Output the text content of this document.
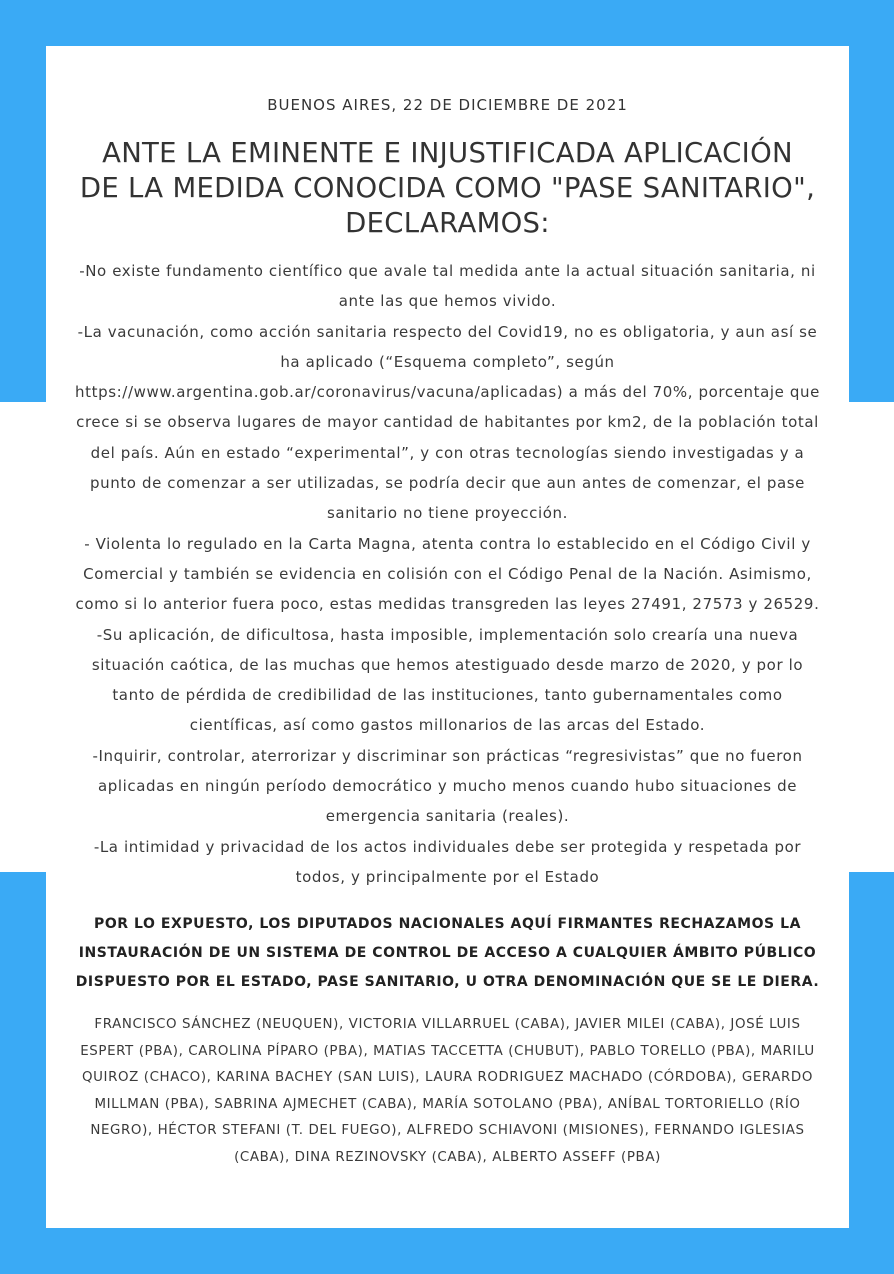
BUENOS AIRES, 22 DE DICIEMBRE DE 2021
ANTE LA EMINENTE E INJUSTIFICADA APLICACIÓN DE LA MEDIDA CONOCIDA COMO "PASE SANITARIO", DECLARAMOS:

-No existe fundamento científico que avale tal medida ante la actual situación sanitaria, ni ante las que hemos vivido.

-La vacunación, como acción sanitaria respecto del Covid19, no es obligatoria, y aun así se ha aplicado (“Esquema completo”, según https://www.argentina.gob.ar/coronavirus/vacuna/aplicadas) a más del 70%, porcentaje que crece si se observa lugares de mayor cantidad de habitantes por km2, de la población total del país. Aún en estado “experimental”, y con otras tecnologías siendo investigadas y a punto de comenzar a ser utilizadas, se podría decir que aun antes de comenzar, el pase sanitario no tiene proyección.

- Violenta lo regulado en la Carta Magna, atenta contra lo establecido en el Código Civil y Comercial y también se evidencia en colisión con el Código Penal de la Nación. Asimismo, como si lo anterior fuera poco, estas medidas transgreden las leyes 27491, 27573 y 26529.

-Su aplicación, de dificultosa, hasta imposible, implementación solo crearía una nueva situación caótica, de las muchas que hemos atestiguado desde marzo de 2020, y por lo tanto de pérdida de credibilidad de las instituciones, tanto gubernamentales como científicas, así como gastos millonarios de las arcas del Estado.

-Inquirir, controlar, aterrorizar y discriminar son prácticas “regresivistas” que no fueron aplicadas en ningún período democrático y mucho menos cuando hubo situaciones de emergencia sanitaria (reales).

-La intimidad y privacidad de los actos individuales debe ser protegida y respetada por todos, y principalmente por el Estado

POR LO EXPUESTO, LOS DIPUTADOS NACIONALES AQUÍ FIRMANTES RECHAZAMOS LA INSTAURACIÓN DE UN SISTEMA DE CONTROL DE ACCESO A CUALQUIER ÁMBITO PÚBLICO DISPUESTO POR EL ESTADO, PASE SANITARIO, U OTRA DENOMINACIÓN QUE SE LE DIERA.
FRANCISCO SÁNCHEZ (NEUQUEN), VICTORIA VILLARRUEL (CABA), JAVIER MILEI (CABA), JOSÉ LUIS ESPERT (PBA), CAROLINA PÍPARO (PBA), MATIAS TACCETTA (CHUBUT), PABLO TORELLO (PBA), MARILU QUIROZ (CHACO), KARINA BACHEY (SAN LUIS), LAURA RODRIGUEZ MACHADO (CÓRDOBA), GERARDO MILLMAN (PBA), SABRINA AJMECHET (CABA), MARÍA SOTOLANO (PBA), ANÍBAL TORTORIELLO (RÍO NEGRO), HÉCTOR STEFANI (T. DEL FUEGO), ALFREDO SCHIAVONI (MISIONES), FERNANDO IGLESIAS (CABA), DINA REZINOVSKY (CABA), ALBERTO ASSEFF (PBA)
